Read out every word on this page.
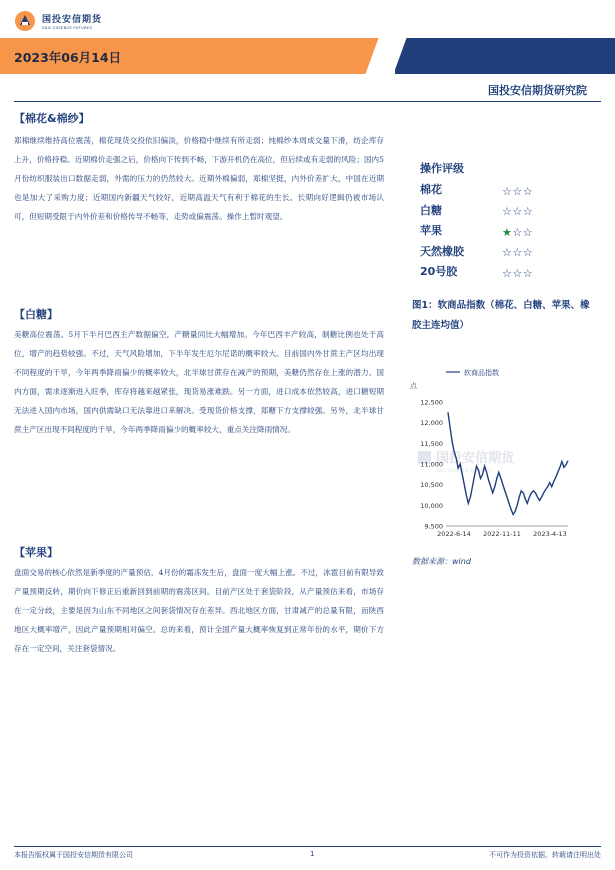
国投安信期货
SDIC ESSENCE FUTURES
2023年06月14日
日报
国投安信期货研究院
【棉花&棉纱】
郑棉继续维持高位震荡，棉花现货交投依旧偏淡，价格稳中继续有所走弱；纯棉纱本周成交量下滑，纺企库存上升，价格持稳。近期棉价走强之后，价格向下传到不畅，下游开机仍在高位，但后续或有走弱的风险；国内5月份纺织服装出口数据走弱，外需的压力的仍然较大。近期外棉偏弱，郑棉坚挺，内外价差扩大，中国在近期也是加大了采购力度；近期国内新疆天气较好，近期高温天气有利于棉花的生长。长期向好逻辑仍被市场认可，但短期受限于内外价差和价格传导不畅等，走势或偏震荡。操作上暂时观望。
【白糖】
美糖高位震荡。5月下半月巴西主产数据偏空，产糖量同比大幅增加。今年巴西丰产较高，制糖比例也处于高位，增产的趋势较强。不过，天气风险增加，下半年发生厄尔尼诺的概率较大。目前国内外甘蔗主产区均出现不同程度的干旱，今年两季降雨偏少的概率较大，北半球甘蔗存在减产的预期，美糖仍然存在上涨的潜力。国内方面，需求逐渐进入旺季，库存将越来越紧张，现货易涨难跌。另一方面，进口成本依然较高，进口糖短期无法进入国内市场，国内供需缺口无法靠进口来解决。受现货价格支撑，郑糖下方支撑较强。另外，北半球甘蔗主产区出现不同程度的干旱，今年两季降雨偏少的概率较大，重点关注降雨情况。
【苹果】
盘面交易的核心依然是新季度的产量预估，4月份的霜冻发生后，盘面一度大幅上涨。不过，冰雹目前有限导致产量预期反转，期价向下修正后重新回到前期的震荡区间。目前产区处于套袋阶段，从产量预估来看，市场存在一定分歧，主要是因为山东不同地区之间套袋情况存在差异。西北地区方面，甘肃减产的总量有限，而陕西地区大概率增产，因此产量预期相对偏空。总的来看，预计全国产量大概率恢复到正常年份的水平，期价下方存在一定空间，关注套袋情况。
操作评级
棉花	☆☆☆
白糖	☆☆☆
苹果	★☆☆
天然橡胶	☆☆☆
20号胶	☆☆☆
图1：软商品指数（棉花、白糖、苹果、橡胶主连均值）
软商品指数
点
国投安信期货
SDIC ESSENCE FUTURES
9,500
10,000
10,500
11,000
11,500
12,000
12,500
2022-6-14 2022-11-11 2023-4-13
数据来源：wind
本报告版权属于国投安信期货有限公司	1	不可作为投资依据，转载请注明出处
